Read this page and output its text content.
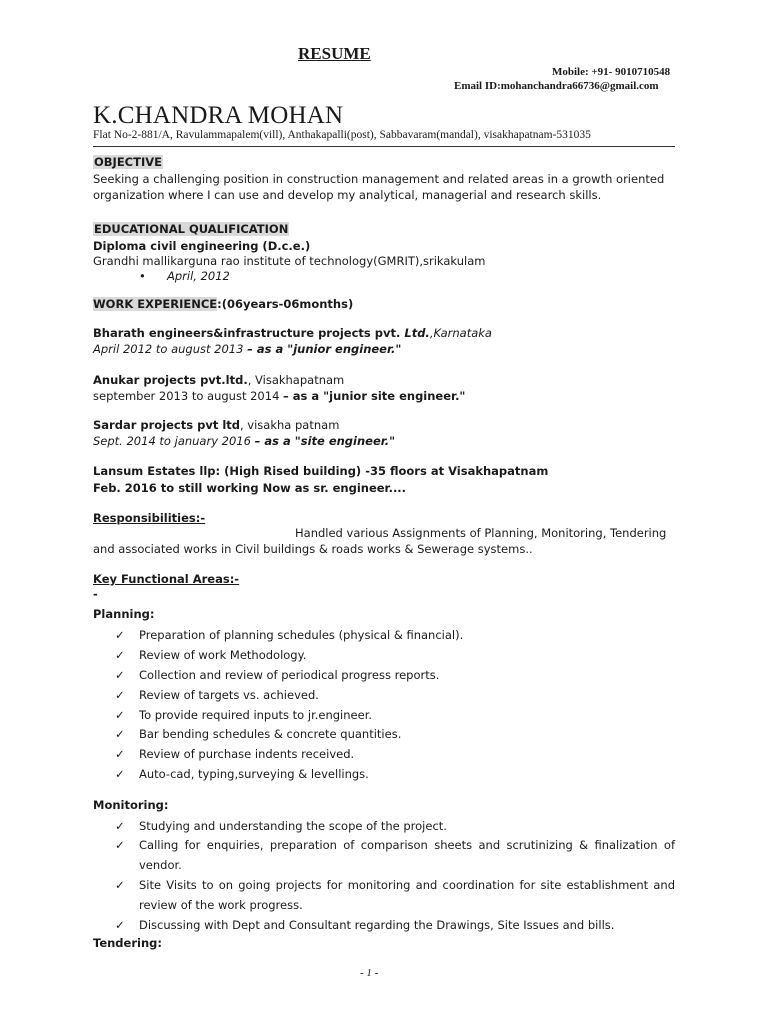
RESUME
Mobile: +91- 9010710548
Email ID:mohanchandra66736@gmail.com
K.CHANDRA MOHAN
Flat No-2-881/A, Ravulammapalem(vill), Anthakapalli(post), Sabbavaram(mandal), visakhapatnam-531035
OBJECTIVE
Seeking a challenging position in construction management and related areas in a growth oriented
organization where I can use and develop my analytical, managerial and research skills.
EDUCATIONAL QUALIFICATION
Diploma civil engineering (D.c.e.)
Grandhi mallikarguna rao institute of technology(GMRIT),srikakulam
• April, 2012
WORK EXPERIENCE:(06years-06months)
Bharath engineers&infrastructure projects pvt. Ltd.,Karnataka
April 2012 to august 2013 – as a "junior engineer."
Anukar projects pvt.ltd., Visakhapatnam
september 2013 to august 2014 – as a "junior site engineer."
Sardar projects pvt ltd, visakha patnam
Sept. 2014 to january 2016 – as a "site engineer."
Lansum Estates llp: (High Rised building) -35 floors at Visakhapatnam
Feb. 2016 to still working Now as sr. engineer....
Responsibilities:-
Handled various Assignments of Planning, Monitoring, Tendering
and associated works in Civil buildings & roads works & Sewerage systems..
Key Functional Areas:-
-
Planning:
✓ Preparation of planning schedules (physical & financial).
✓ Review of work Methodology.
✓ Collection and review of periodical progress reports.
✓ Review of targets vs. achieved.
✓ To provide required inputs to jr.engineer.
✓ Bar bending schedules & concrete quantities.
✓ Review of purchase indents received.
✓ Auto-cad, typing,surveying & levellings.
Monitoring:
✓ Studying and understanding the scope of the project.
✓ Calling for enquiries, preparation of comparison sheets and scrutinizing & finalization of vendor.
✓ Site Visits to on going projects for monitoring and coordination for site establishment and review of the work progress.
✓ Discussing with Dept and Consultant regarding the Drawings, Site Issues and bills.
Tendering:
- 1 -
